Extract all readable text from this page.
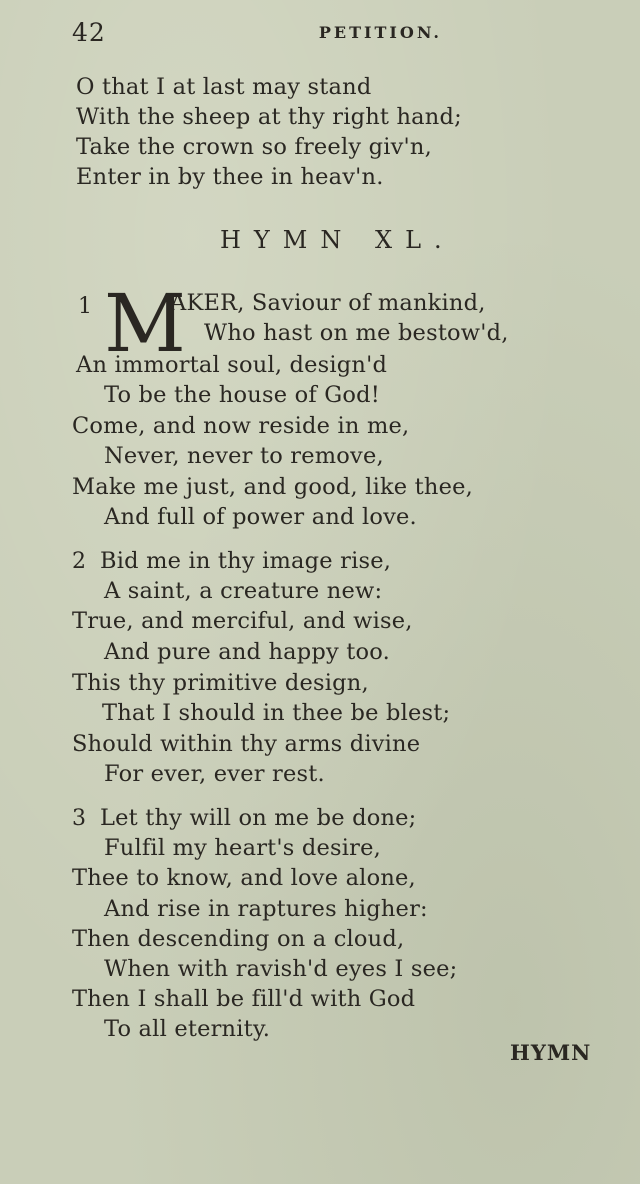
42	PETITION.
O that I at last may stand
With the sheep at thy right hand;
Take the crown so freely giv'n,
Enter in by thee in heav'n.
HYMN XL.
1 M
AKER, Saviour of mankind,
Who hast on me bestow'd,
An immortal soul, design'd
To be the house of God!
Come, and now reside in me,
Never, never to remove,
Make me just, and good, like thee,
And full of power and love.
2 Bid me in thy image rise,
A saint, a creature new:
True, and merciful, and wise,
And pure and happy too.
This thy primitive design,
That I should in thee be blest;
Should within thy arms divine
For ever, ever rest.
3 Let thy will on me be done;
Fulfil my heart's desire,
Thee to know, and love alone,
And rise in raptures higher:
Then descending on a cloud,
When with ravish'd eyes I see;
Then I shall be fill'd with God
To all eternity.
HYMN
